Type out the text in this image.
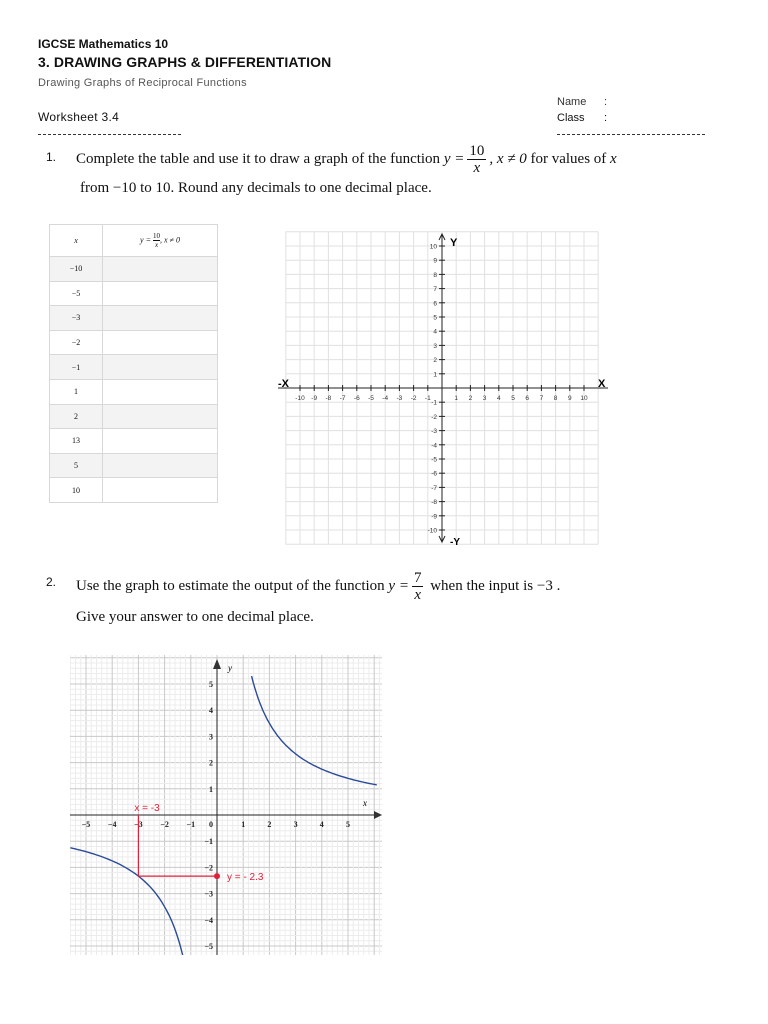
IGCSE Mathematics 10
3. DRAWING GRAPHS & DIFFERENTIATION
Drawing Graphs of Reciprocal Functions
Worksheet 3.4
Name :
Class :
1. Complete the table and use it to draw a graph of the function $y = \frac{10}{x}$ , x ≠ 0 for values of x
from −10 to 10. Round any decimals to one decimal place.
x	$y = \frac{10}{x}$ , x ≠ 0
−10	
−5	
−3	
−2	
−1	
1	
2	
13	
5	
10	
-10 -9 -8 -7 -6 -5 -4 -3 -2 -1	1 2 3 4 5 6 7 8 9 10
10
9
8
7
6
5
4
3
2
1
-1
-2
-3
-4
-5
-6
-7
-8
-9
-10
X
-X
Y
-Y
2. Use the graph to estimate the output of the function $y = \frac{7}{x}$ when the input is −3 .
Give your answer to one decimal place.
−5 −4 −3 −2 −1 0	1	2	3	4	5
5
4
3
2
1
−1
−2
−3
−4
−5
x
y
x = -3
y = - 2.3
